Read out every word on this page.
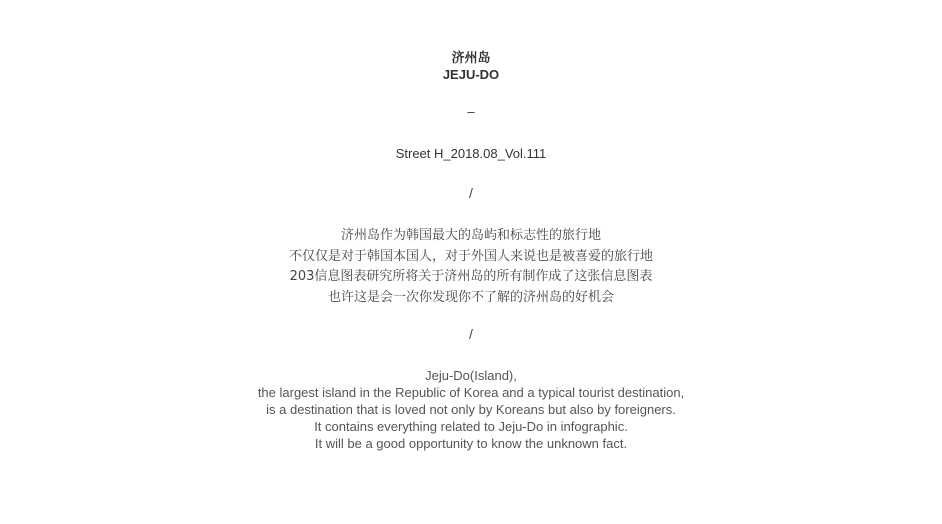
济州岛
JEJU-DO
–
Street H_2018.08_Vol.111
/
济州岛作为韩国最大的岛屿和标志性的旅行地
不仅仅是对于韩国本国人，对于外国人来说也是被喜爱的旅行地
203信息图表研究所将关于济州岛的所有制作成了这张信息图表
也许这是会一次你发现你不了解的济州岛的好机会
/
Jeju-Do(Island),
the largest island in the Republic of Korea and a typical tourist destination,
is a destination that is loved not only by Koreans but also by foreigners.
It contains everything related to Jeju-Do in infographic.
It will be a good opportunity to know the unknown fact.
